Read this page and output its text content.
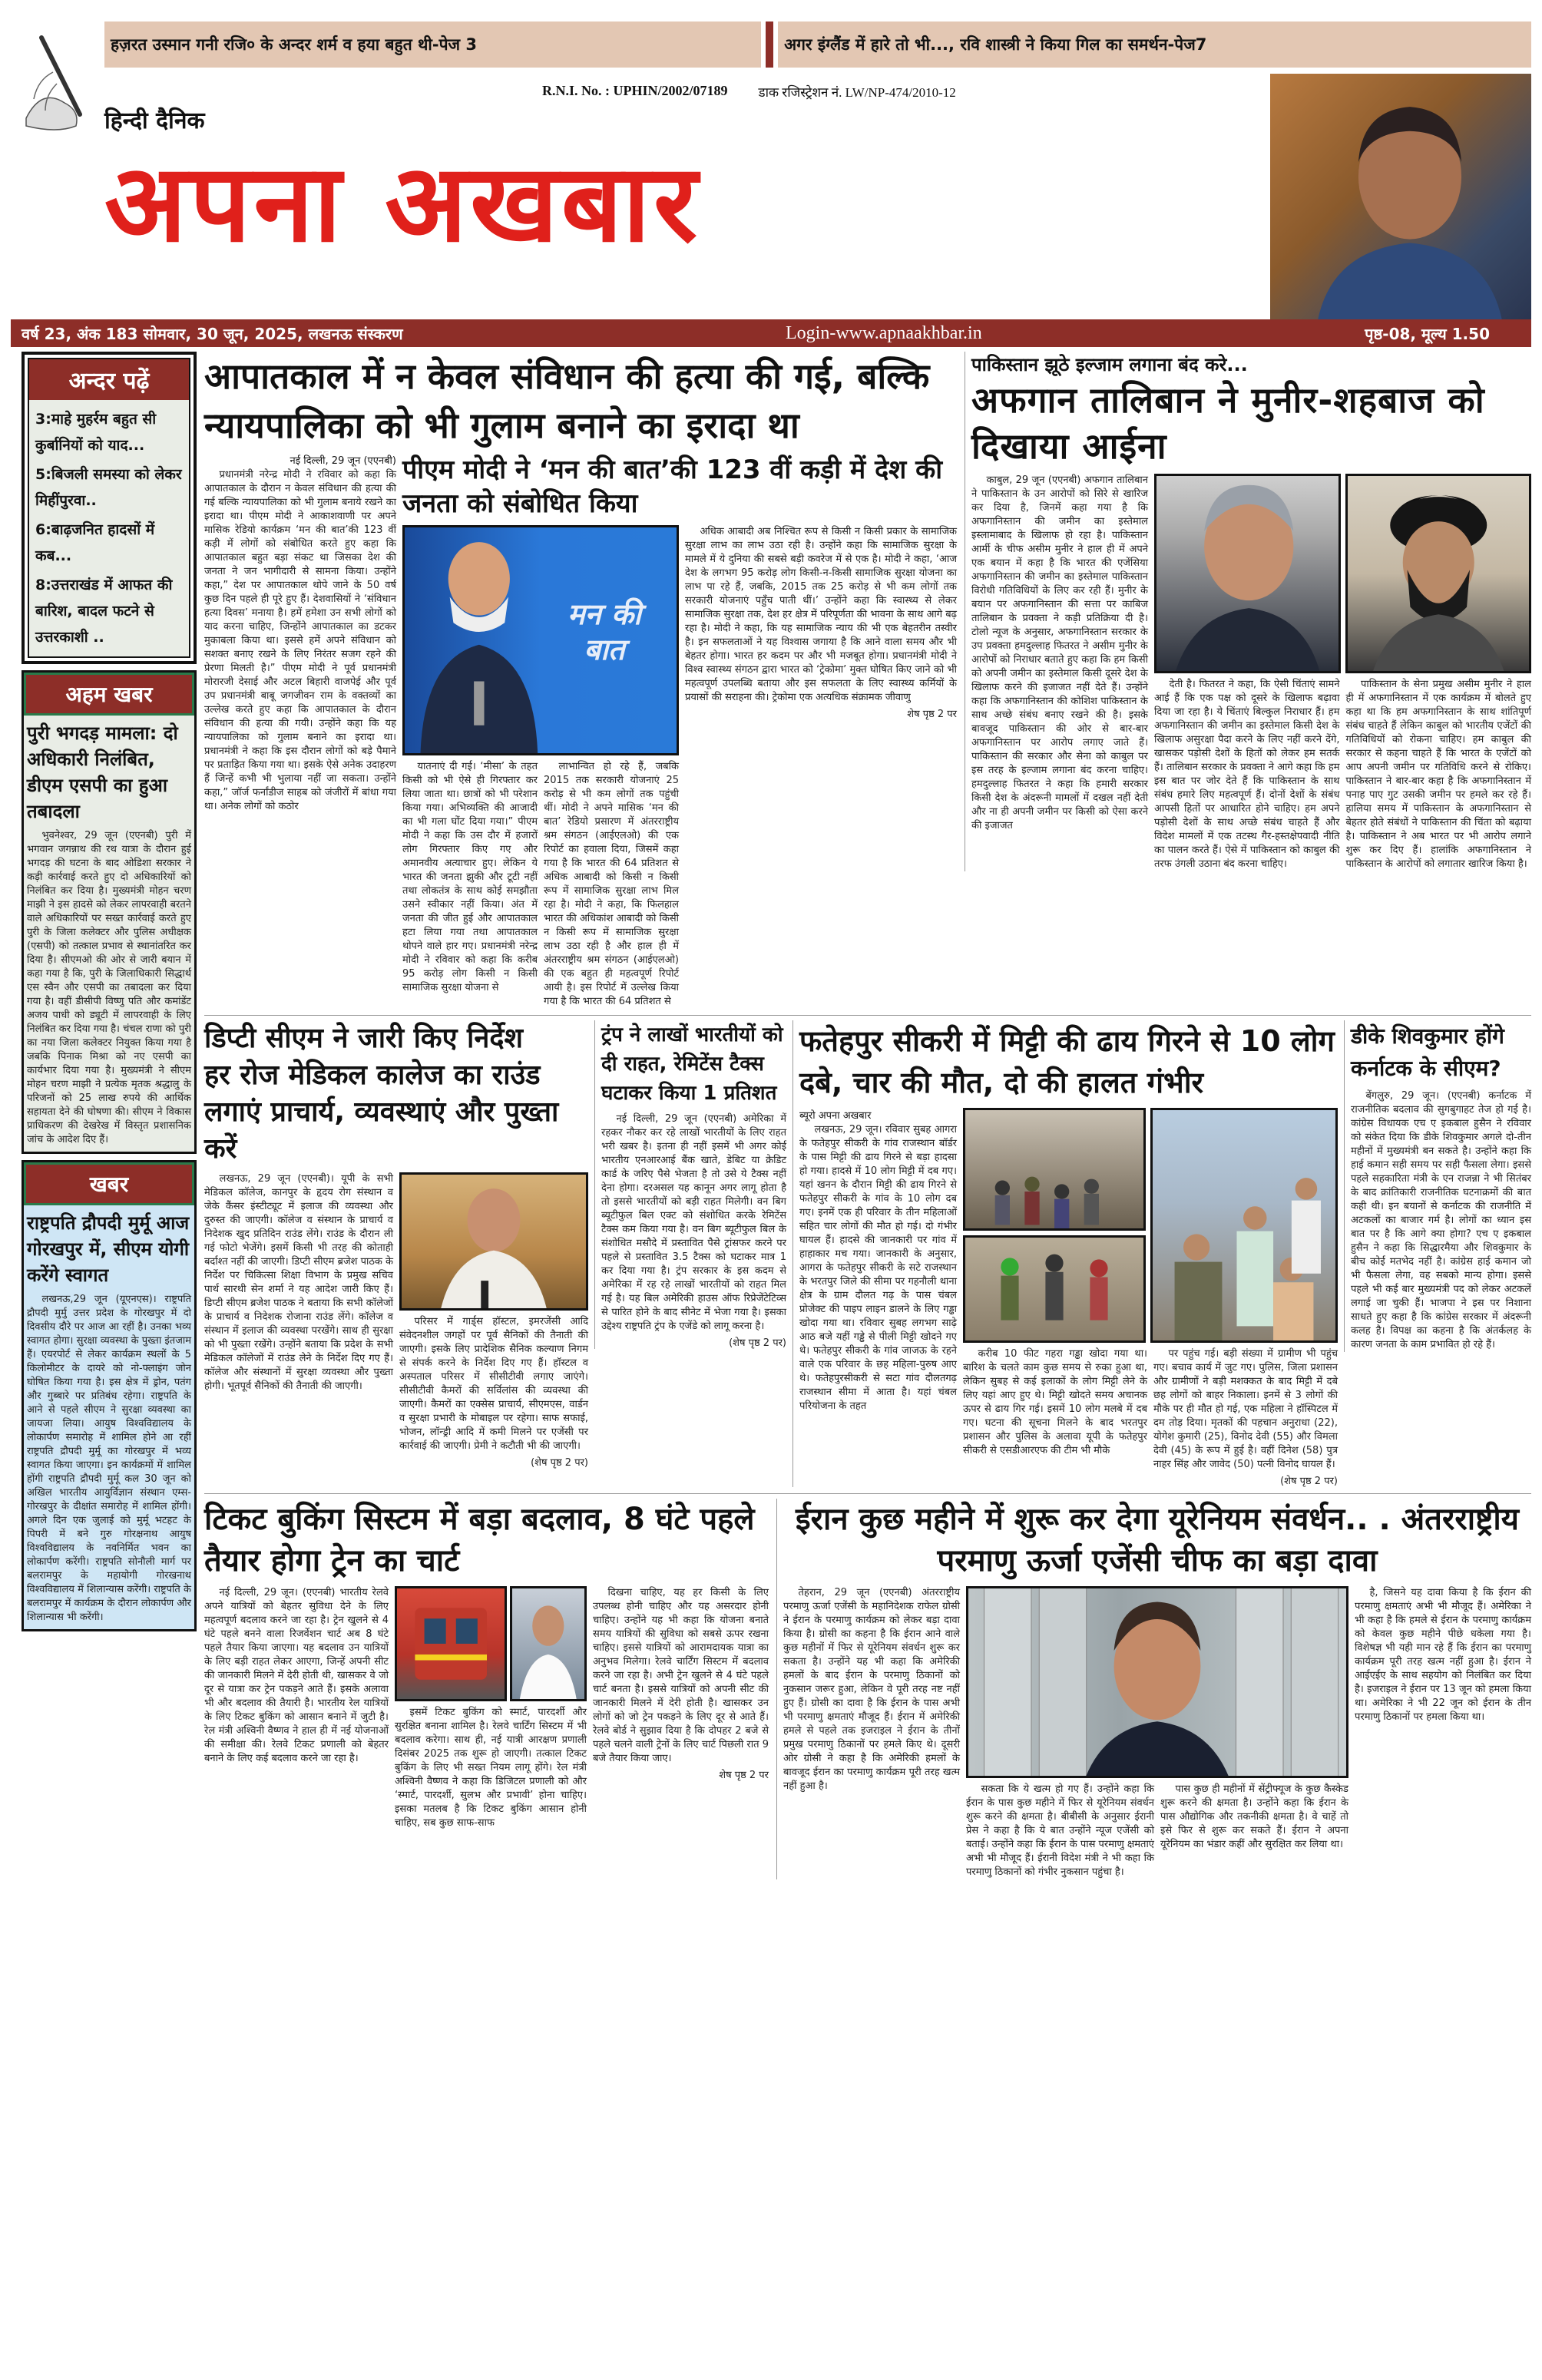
हज़रत उस्मान गनी रजि० के अन्दर शर्म व हया बहुत थी- पेज 3	अगर इंग्लैंड में हारे तो भी..., रवि शास्त्री ने किया गिल का समर्थन- पेज7
R.N.I. No. : UPHIN/2002/07189 डाक रजिस्ट्रेशन नं. LW/NP-474/2010-12
हिन्दी दैनिक
अपना अखबार
वर्ष 23, अंक 183 सोमवार, 30 जून, 2025, लखनऊ संस्करण	Login-www.apnaakhbar.in	पृष्ठ-08, मूल्य 1.50
अन्दर पढ़ें
3:माहे मुहर्रम बहुत सी कुर्बानियों को याद...
5:बिजली समस्या को लेकर मिहींपुरवा..
6:बाढ़जनित हादसों में कब...
8:उत्तराखंड में आफत की बारिश, बादल फटने से उत्तरकाशी ..
अहम खबर
पुरी भगदड़ मामला: दो अधिकारी निलंबित, डीएम एसपी का हुआ तबादला

भुवनेश्वर, 29 जून (एएनबी) पुरी में भगवान जगन्नाथ की रथ यात्रा के दौरान हुई भगदड़ की घटना के बाद ओडिशा सरकार ने कड़ी कार्रवाई करते हुए दो अधिकारियों को निलंबित कर दिया है। मुख्यमंत्री मोहन चरण माझी ने इस हादसे को लेकर लापरवाही बरतने वाले अधिकारियों पर सख्त कार्रवाई करते हुए पुरी के जिला कलेक्टर और पुलिस अधीक्षक (एसपी) को तत्काल प्रभाव से स्थानांतरित कर दिया है। सीएमओ की ओर से जारी बयान में कहा गया है कि, पुरी के जिलाधिकारी सिद्धार्थ एस स्वैन और एसपी का तबादला कर दिया गया है। वहीं डीसीपी विष्णु पति और कमांडेंट अजय पाधी को ड्यूटी में लापरवाही के लिए निलंबित कर दिया गया है। चंचल राणा को पुरी का नया जिला कलेक्टर नियुक्त किया गया है जबकि पिनाक मिश्रा को नए एसपी का कार्यभार दिया गया है। मुख्यमंत्री ने सीएम मोहन चरण माझी ने प्रत्येक मृतक श्रद्धालु के परिजनों को 25 लाख रुपये की आर्थिक सहायता देने की घोषणा की। सीएम ने विकास प्राधिकरण की देखरेख में विस्तृत प्रशासनिक जांच के आदेश दिए हैं।

खबर
राष्ट्रपति द्रौपदी मुर्मू आज गोरखपुर में, सीएम योगी करेंगे स्वागत

लखनऊ,29 जून (यूएनएस)। राष्ट्रपति द्रौपदी मुर्मु उत्तर प्रदेश के गोरखपुर में दो दिवसीय दौरे पर आज आ रहीं है। उनका भव्य स्वागत होगा। सुरक्षा व्यवस्था के पुख्ता इंतजाम हैं। एयरपोर्ट से लेकर कार्यक्रम स्थलों के 5 किलोमीटर के दायरे को नो-फ्लाइंग जोन घोषित किया गया है। इस क्षेत्र में ड्रोन, पतंग और गुब्बारे पर प्रतिबंध रहेगा। राष्ट्रपति के आने से पहले सीएम ने सुरक्षा व्यवस्था का जायजा लिया। आयुष विश्वविद्यालय के लोकार्पण समारोह में शामिल होने आ रहीं राष्ट्रपति द्रौपदी मुर्मू का गोरखपुर में भव्य स्वागत किया जाएगा। इन कार्यक्रमों में शामिल होंगी राष्ट्रपति द्रौपदी मुर्मू कल 30 जून को अखिल भारतीय आयुर्विज्ञान संस्थान एम्स-गोरखपुर के दीक्षांत समारोह में शामिल होंगी। अगले दिन एक जुलाई को मुर्मू भटहट के पिपरी में बने गुरु गोरक्षनाथ आयुष विश्वविद्यालय के नवनिर्मित भवन का लोकार्पण करेंगी। राष्ट्रपति सोनौली मार्ग पर बलरामपुर के महायोगी गोरखनाथ विश्वविद्यालय में शिलान्यास करेंगी। राष्ट्रपति के बलरामपुर में कार्यक्रम के दौरान लोकार्पण और शिलान्यास भी करेंगी।

आपातकाल में न केवल संविधान की हत्या की गई, बल्कि न्यायपालिका को भी गुलाम बनाने का इरादा था
नई दिल्ली, 29 जून (एएनबी)

प्रधानमंत्री नरेन्द्र मोदी ने रविवार को कहा कि आपातकाल के दौरान न केवल संविधान की हत्या की गई बल्कि न्यायपालिका को भी गुलाम बनाये रखने का इरादा था। पीएम मोदी ने आकाशवाणी पर अपने मासिक रेडियो कार्यक्रम ‘मन की बात’की 123 वीं कड़ी में लोगों को संबोधित करते हुए कहा कि आपातकाल बहुत बड़ा संकट था जिसका देश की जनता ने जन भागीदारी से सामना किया। उन्होंने कहा,” देश पर आपातकाल थोपे जाने के 50 वर्ष कुछ दिन पहले ही पूरे हुए हैं। देशवासियों ने ‘संविधान हत्या दिवस’ मनाया है। हमें हमेशा उन सभी लोगों को याद करना चाहिए, जिन्होंने आपातकाल का डटकर मुकाबला किया था। इससे हमें अपने संविधान को सशक्त बनाए रखने के लिए निरंतर सजग रहने की प्रेरणा मिलती है।” पीएम मोदी ने पूर्व प्रधानमंत्री मोरारजी देसाई और अटल बिहारी वाजपेई और पूर्व उप प्रधानमंत्री बाबू जगजीवन राम के वक्तव्यों का उल्लेख करते हुए कहा कि आपातकाल के दौरान संविधान की हत्या की गयी। उन्होंने कहा कि यह न्यायपालिका को गुलाम बनाने का इरादा था। प्रधानमंत्री ने कहा कि इस दौरान लोगों को बड़े पैमाने पर प्रताड़ित किया गया था। इसके ऐसे अनेक उदाहरण हैं जिन्हें कभी भी भुलाया नहीं जा सकता। उन्होंने कहा,” जॉर्ज फर्नांडीज साहब को जंजीरों में बांधा गया था। अनेक लोगों को कठोर

पीएम मोदी ने ‘मन की बात’की 123 वीं कड़ी में देश की जनता को संबोधित किया
मन की बात

यातनाएं दी गई। ‘मीसा’ के तहत किसी को भी ऐसे ही गिरफ्तार कर लिया जाता था। छात्रों को भी परेशान किया गया। अभिव्यक्ति की आजादी का भी गला घोंट दिया गया।” पीएम मोदी ने कहा कि उस दौर में हजारों लोग गिरफ्तार किए गए और अमानवीय अत्याचार हुए। लेकिन ये भारत की जनता झुकी और टूटी नहीं तथा लोकतंत्र के साथ कोई समझौता उसने स्वीकार नहीं किया। अंत में जनता की जीत हुई और आपातकाल हटा लिया गया तथा आपातकाल थोपने वाले हार गए। प्रधानमंत्री नरेन्द्र मोदी ने रविवार को कहा कि करीब 95 करोड़ लोग किसी न किसी सामाजिक सुरक्षा योजना से

लाभान्वित हो रहे हैं, जबकि 2015 तक सरकारी योजनाएं 25 करोड़ से भी कम लोगों तक पहुंची थीं। मोदी ने अपने मासिक ‘मन की बात’ रेडियो प्रसारण में अंतरराष्ट्रीय श्रम संगठन (आईएलओ) की एक रिपोर्ट का हवाला दिया, जिसमें कहा गया है कि भारत की 64 प्रतिशत से अधिक आबादी को किसी न किसी रूप में सामाजिक सुरक्षा लाभ मिल रहा है। मोदी ने कहा, कि फिलहाल भारत की अधिकांश आबादी को किसी न किसी रूप में सामाजिक सुरक्षा लाभ उठा रही है और हाल ही में अंतरराष्ट्रीय श्रम संगठन (आईएलओ) की एक बहुत ही महत्वपूर्ण रिपोर्ट आयी है। इस रिपोर्ट में उल्लेख किया गया है कि भारत की 64 प्रतिशत से

अधिक आबादी अब निश्चित रूप से किसी न किसी प्रकार के सामाजिक सुरक्षा लाभ का लाभ उठा रही है। उन्होंने कहा कि सामाजिक सुरक्षा के मामले में ये दुनिया की सबसे बड़ी कवरेज में से एक है। मोदी ने कहा, ‘आज देश के लगभग 95 करोड़ लोग किसी-न-किसी सामाजिक सुरक्षा योजना का लाभ पा रहे हैं, जबकि, 2015 तक 25 करोड़ से भी कम लोगों तक सरकारी योजनाएं पहुँच पाती थीं।’ उन्होंने कहा कि स्वास्थ्य से लेकर सामाजिक सुरक्षा तक, देश हर क्षेत्र में परिपूर्णता की भावना के साथ आगे बढ़ रहा है। मोदी ने कहा, कि यह सामाजिक न्याय की भी एक बेहतरीन तस्वीर है। इन सफलताओं ने यह विश्वास जगाया है कि आने वाला समय और भी बेहतर होगा। भारत हर कदम पर और भी मजबूत होगा। प्रधानमंत्री मोदी ने विश्व स्वास्थ्य संगठन द्वारा भारत को ‘ट्रेकोमा’ मुक्त घोषित किए जाने को भी महत्वपूर्ण उपलब्धि बताया और इस सफलता के लिए स्वास्थ्य कर्मियों के प्रयासों की सराहना की। ट्रेकोमा एक अत्यधिक संक्रामक जीवाणु

शेष पृष्ठ 2 पर
पाकिस्तान झूठे इल्जाम लगाना बंद करे...
अफगान तालिबान ने मुनीर-शहबाज को दिखाया आईना

काबुल, 29 जून (एएनबी) अफगान तालिबान ने पाकिस्तान के उन आरोपों को सिरे से खारिज कर दिया है, जिनमें कहा गया है कि अफगानिस्तान की जमीन का इस्तेमाल इस्लामाबाद के खिलाफ हो रहा है। पाकिस्तान आर्मी के चीफ असीम मुनीर ने हाल ही में अपने एक बयान में कहा है कि भारत की एजेंसिया अफगानिस्तान की जमीन का इस्तेमाल पाकिस्तान विरोधी गतिविधियों के लिए कर रही हैं। मुनीर के बयान पर अफगानिस्तान की सत्ता पर काबिज तालिबान के प्रवक्ता ने कड़ी प्रतिक्रिया दी है। टोलो न्यूज के अनुसार, अफगानिस्तान सरकार के उप प्रवक्ता हमदुल्लाह फितरत ने असीम मुनीर के आरोपों को निराधार बताते हुए कहा कि हम किसी को अपनी जमीन का इस्तेमाल किसी दूसरे देश के खिलाफ करने की इजाजत नहीं देते हैं। उन्होंने कहा कि अफगानिस्तान की कोशिश पाकिस्तान के साथ अच्छे संबंध बनाए रखने की है। इसके बावजूद पाकिस्तान की ओर से बार-बार अफगानिस्तान पर आरोप लगाए जाते हैं। पाकिस्तान की सरकार और सेना को काबुल पर इस तरह के इल्जाम लगाना बंद करना चाहिए। हमदुल्लाह फितरत ने कहा कि हमारी सरकार किसी देश के अंदरूनी मामलों में दखल नहीं देती और ना ही अपनी जमीन पर किसी को ऐसा करने की इजाजत

देती है। फितरत ने कहा, कि ऐसी चिंताएं सामने आई हैं कि एक पक्ष को दूसरे के खिलाफ बढ़ावा दिया जा रहा है। ये चिंताएं बिल्कुल निराधार हैं। हम अफगानिस्तान की जमीन का इस्तेमाल किसी देश के खिलाफ असुरक्षा पैदा करने के लिए नहीं करने देंगे, खासकर पड़ोसी देशों के हितों को लेकर हम सतर्क हैं। तालिबान सरकार के प्रवक्ता ने आगे कहा कि हम इस बात पर जोर देते हैं कि पाकिस्तान के साथ संबंध हमारे लिए महत्वपूर्ण हैं। दोनों देशों के संबंध आपसी हितों पर आधारित होने चाहिए। हम अपने पड़ोसी देशों के साथ अच्छे संबंध चाहते हैं और विदेश मामलों में एक तटस्थ गैर-हस्तक्षेपवादी नीति का पालन करते हैं। ऐसे में पाकिस्तान को काबुल की तरफ उंगली उठाना बंद करना चाहिए।

पाकिस्तान के सेना प्रमुख असीम मुनीर ने हाल ही में अफगानिस्तान में एक कार्यक्रम में बोलते हुए कहा था कि हम अफगानिस्तान के साथ शांतिपूर्ण संबंध चाहते हैं लेकिन काबुल को भारतीय एजेंटों की गतिविधियों को रोकना चाहिए। हम काबुल की सरकार से कहना चाहते हैं कि भारत के एजेंटों को आप अपनी जमीन पर गतिविधि करने से रोकिए। पाकिस्तान ने बार-बार कहा है कि अफगानिस्तान में पनाह पाए गुट उसकी जमीन पर हमले कर रहे हैं। हालिया समय में पाकिस्तान के अफगानिस्तान से बेहतर होते संबंधों ने पाकिस्तान की चिंता को बढ़ाया है। पाकिस्तान ने अब भारत पर भी आरोप लगाने शुरू कर दिए हैं। हालांकि अफगानिस्तान ने पाकिस्तान के आरोपों को लगातार खारिज किया है।

डिप्टी सीएम ने जारी किए निर्देश
हर रोज मेडिकल कालेज का राउंड लगाएं प्राचार्य, व्यवस्थाएं और पुख्ता करें

लखनऊ, 29 जून (एएनबी)। यूपी के सभी मेडिकल कॉलेज, कानपुर के हृदय रोग संस्थान व जेके कैंसर इंस्टीट्यूट में इलाज की व्यवस्था और दुरुस्त की जाएगी। कॉलेज व संस्थान के प्राचार्य व निदेशक खुद प्रतिदिन राउंड लेंगे। राउंड के दौरान ली गई फोटो भेजेंगे। इसमें किसी भी तरह की कोताही बर्दाश्त नहीं की जाएगी। डिप्टी सीएम ब्रजेश पाठक के निर्देश पर चिकित्सा शिक्षा विभाग के प्रमुख सचिव पार्थ सारथी सेन शर्मा ने यह आदेश जारी किए हैं। डिप्टी सीएम ब्रजेश पाठक ने बताया कि सभी कॉलेजों के प्राचार्य व निदेशक रोजाना राउंड लेंगे। कॉलेज व संस्थान में इलाज की व्यवस्था परखेंगे। साथ ही सुरक्षा को भी पुख्ता रखेंगे। उन्होंने बताया कि प्रदेश के सभी मेडिकल कॉलेजों में राउंड लेने के निर्देश दिए गए हैं। कॉलेज और संस्थानों में सुरक्षा व्यवस्था और पुख्ता होगी। भूतपूर्व सैनिकों की तैनाती की जाएगी।

परिसर में गार्ड्स हॉस्टल, इमरजेंसी आदि संवेदनशील जगहों पर पूर्व सैनिकों की तैनाती की जाएगी। इसके लिए प्रादेशिक सैनिक कल्याण निगम से संपर्क करने के निर्देश दिए गए हैं। हॉस्टल व अस्पताल परिसर में सीसीटीवी लगाए जाएंगे। सीसीटीवी कैमरों की सर्विलांस की व्यवस्था की जाएगी। कैमरों का एक्सेस प्राचार्य, सीएमएस, वार्डन व सुरक्षा प्रभारी के मोबाइल पर रहेगा। साफ सफाई, भोजन, लॉन्ड्री आदि में कमी मिलने पर एजेंसी पर कार्रवाई की जाएगी। प्रेमी ने कटौती भी की जाएगी।

(शेष पृष्ठ 2 पर)
ट्रंप ने लाखों भारतीयों को दी राहत, रेमिटेंस टैक्स घटाकर किया 1 प्रतिशत

नई दिल्ली, 29 जून (एएनबी) अमेरिका में रहकर नौकर कर रहे लाखों भारतीयों के लिए राहत भरी खबर है। इतना ही नहीं इसमें भी अगर कोई भारतीय एनआरआई बैंक खाते, डेबिट या क्रेडिट कार्ड के जरिए पैसे भेजता है तो उसे ये टैक्स नहीं देना होगा। दरअसल यह कानून अगर लागू होता है तो इससे भारतीयों को बड़ी राहत मिलेगी। वन बिग ब्यूटीफुल बिल एक्ट को संशोधित करके रेमिटेंस टैक्स कम किया गया है। वन बिग ब्यूटीफुल बिल के संशोधित मसौदे में प्रस्तावित पैसे ट्रांसफर करने पर पहले से प्रस्तावित 3.5 टैक्स को घटाकर मात्र 1 कर दिया गया है। ट्रंप सरकार के इस कदम से अमेरिका में रह रहे लाखों भारतीयों को राहत मिल गई है। यह बिल अमेरिकी हाउस ऑफ रिप्रेजेंटेटिव्स से पारित होने के बाद सीनेट में भेजा गया है। इसका उद्देश्य राष्ट्रपति ट्रंप के एजेंडे को लागू करना है।

(शेष पृष्ठ 2 पर)
फतेहपुर सीकरी में मिट्टी की ढाय गिरने से 10 लोग दबे, चार की मौत, दो की हालत गंभीर
ब्यूरो अपना अखबार

लखनऊ, 29 जून। रविवार सुबह आगरा के फतेहपुर सीकरी के गांव राजस्थान बॉर्डर के पास मिट्टी की ढाय गिरने से बड़ा हादसा हो गया। हादसे में 10 लोग मिट्टी में दब गए। यहां खनन के दौरान मिट्टी की ढाय गिरने से फतेहपुर सीकरी के गांव के 10 लोग दब गए। इनमें एक ही परिवार के तीन महिलाओं सहित चार लोगों की मौत हो गई। दो गंभीर घायल हैं। हादसे की जानकारी पर गांव में हाहाकार मच गया। जानकारी के अनुसार, आगरा के फतेहपुर सीकरी के सटे राजस्थान के भरतपुर जिले की सीमा पर गहनौली थाना क्षेत्र के ग्राम दौलत गढ़ के पास चंबल प्रोजेक्ट की पाइप लाइन डालने के लिए गड्ढा खोदा गया था। रविवार सुबह लगभग साढ़े आठ बजे यहीं गड्ढे से पीली मिट्टी खोदने गए थे। फतेहपुर सीकरी के गांव जाजऊ के रहने वाले एक परिवार के छह महिला-पुरुष आए थे। फतेहपुरसीकरी से सटा गांव दौलतगढ़ राजस्थान सीमा में आता है। यहां चंबल परियोजना के तहत

करीब 10 फीट गहरा गड्ढा खोदा गया था। बारिश के चलते काम कुछ समय से रुका हुआ था, लेकिन सुबह से कई इलाकों के लोग मिट्टी लेने के लिए यहां आए हुए थे। मिट्टी खोदते समय अचानक ऊपर से ढाय गिर गई। इसमें 10 लोग मलबे में दब गए। घटना की सूचना मिलने के बाद भरतपुर प्रशासन और पुलिस के अलावा यूपी के फतेहपुर सीकरी से एसडीआरएफ की टीम भी मौके

पर पहुंच गई। बड़ी संख्या में ग्रामीण भी पहुंच गए। बचाव कार्य में जुट गए। पुलिस, जिला प्रशासन और ग्रामीणों ने बड़ी मशक्कत के बाद मिट्टी में दबे छह लोगों को बाहर निकाला। इनमें से 3 लोगों की मौके पर ही मौत हो गई, एक महिला ने हॉस्पिटल में दम तोड़ दिया। मृतकों की पहचान अनुराधा (22), योगेश कुमारी (25), विनोद देवी (55) और विमला देवी (45) के रूप में हुई है। वहीं दिनेश (58) पुत्र नाहर सिंह और जावेद (50) पत्नी विनोद घायल हैं।

(शेष पृष्ठ 2 पर)
डीके शिवकुमार होंगे कर्नाटक के सीएम?

बेंगलुरु, 29 जून। (एएनबी) कर्नाटक में राजनीतिक बदलाव की सुगबुगाहट तेज हो गई है। कांग्रेस विधायक एच ए इकबाल हुसैन ने रविवार को संकेत दिया कि डीके शिवकुमार अगले दो-तीन महीनों में मुख्यमंत्री बन सकते है। उन्होंने कहा कि हाई कमान सही समय पर सही फैसला लेगा। इससे पहले सहकारिता मंत्री के एन राजन्ना ने भी सितंबर के बाद क्रांतिकारी राजनीतिक घटनाक्रमों की बात कही थी। इन बयानों से कर्नाटक की राजनीति में अटकलों का बाजार गर्म है। लोगों का ध्यान इस बात पर है कि आगे क्या होगा? एच ए इकबाल हुसैन ने कहा कि सिद्धारमैया और शिवकुमार के बीच कोई मतभेद नहीं है। कांग्रेस हाई कमान जो भी फैसला लेगा, वह सबको मान्य होगा। इससे पहले भी कई बार मुख्यमंत्री पद को लेकर अटकलें लगाई जा चुकी हैं। भाजपा ने इस पर निशाना साधते हुए कहा है कि कांग्रेस सरकार में अंदरूनी कलह है। विपक्ष का कहना है कि अंतर्कलह के कारण जनता के काम प्रभावित हो रहे हैं।

टिकट बुकिंग सिस्टम में बड़ा बदलाव, 8 घंटे पहले तैयार होगा ट्रेन का चार्ट

नई दिल्ली, 29 जून। (एएनबी) भारतीय रेलवे अपने यात्रियों को बेहतर सुविधा देने के लिए महत्वपूर्ण बदलाव करने जा रहा है। ट्रेन खुलने से 4 घंटे पहले बनने वाला रिजर्वेशन चार्ट अब 8 घंटे पहले तैयार किया जाएगा। यह बदलाव उन यात्रियों के लिए बड़ी राहत लेकर आएगा, जिन्हें अपनी सीट की जानकारी मिलने में देरी होती थी, खासकर वे जो दूर से यात्रा कर ट्रेन पकड़ने आते हैं। इसके अलावा भी और बदलाव की तैयारी है। भारतीय रेल यात्रियों के लिए टिकट बुकिंग को आसान बनाने में जुटी है। रेल मंत्री अश्विनी वैष्णव ने हाल ही में नई योजनाओं की समीक्षा की। रेलवे टिकट प्रणाली को बेहतर बनाने के लिए कई बदलाव करने जा रहा है।

इसमें टिकट बुकिंग को स्मार्ट, पारदर्शी और सुरक्षित बनाना शामिल है। रेलवे चार्टिंग सिस्टम में भी बदलाव करेगा। साथ ही, नई यात्री आरक्षण प्रणाली दिसंबर 2025 तक शुरू हो जाएगी। तत्काल टिकट बुकिंग के लिए भी सख्त नियम लागू होंगे। रेल मंत्री अश्विनी वैष्णव ने कहा कि डिजिटल प्रणाली को और ‘स्मार्ट, पारदर्शी, सुलभ और प्रभावी’ होना चाहिए। इसका मतलब है कि टिकट बुकिंग आसान होनी चाहिए, सब कुछ साफ-साफ

दिखना चाहिए, यह हर किसी के लिए उपलब्ध होनी चाहिए और यह असरदार होनी चाहिए। उन्होंने यह भी कहा कि योजना बनाते समय यात्रियों की सुविधा को सबसे ऊपर रखना चाहिए। इससे यात्रियों को आरामदायक यात्रा का अनुभव मिलेगा। रेलवे चार्टिंग सिस्टम में बदलाव करने जा रहा है। अभी ट्रेन खुलने से 4 घंटे पहले चार्ट बनता है। इससे यात्रियों को अपनी सीट की जानकारी मिलने में देरी होती है। खासकर उन लोगों को जो ट्रेन पकड़ने के लिए दूर से आते हैं। रेलवे बोर्ड ने सुझाव दिया है कि दोपहर 2 बजे से पहले चलने वाली ट्रेनों के लिए चार्ट पिछली रात 9 बजे तैयार किया जाए।

शेष पृष्ठ 2 पर
ईरान कुछ महीने में शुरू कर देगा यूरेनियम संवर्धन.. . अंतरराष्ट्रीय परमाणु ऊर्जा एजेंसी चीफ का बड़ा दावा

तेहरान, 29 जून (एएनबी) अंतरराष्ट्रीय परमाणु ऊर्जा एजेंसी के महानिदेशक राफेल ग्रोसी ने ईरान के परमाणु कार्यक्रम को लेकर बड़ा दावा किया है। ग्रोसी का कहना है कि ईरान आने वाले कुछ महीनों में फिर से यूरेनियम संवर्धन शुरू कर सकता है। उन्होंने यह भी कहा कि अमेरिकी हमलों के बाद ईरान के परमाणु ठिकानों को नुकसान जरूर हुआ, लेकिन वे पूरी तरह नष्ट नहीं हुए हैं। ग्रोसी का दावा है कि ईरान के पास अभी भी परमाणु क्षमताएं मौजूद हैं। ईरान में अमेरिकी हमले से पहले तक इजराइल ने ईरान के तीनों प्रमुख परमाणु ठिकानों पर हमले किए थे। दूसरी ओर ग्रोसी ने कहा है कि अमेरिकी हमलों के बावजूद ईरान का परमाणु कार्यक्रम पूरी तरह खत्म नहीं हुआ है।	सकता कि ये खत्म हो गए हैं। उन्होंने कहा कि ईरान के पास कुछ महीने में फिर से यूरेनियम संवर्धन शुरू करने की क्षमता है। बीबीसी के अनुसार ईरानी प्रेस ने कहा है कि ये बात उन्होंने न्यूज एजेंसी को बताई। उन्होंने कहा कि ईरान के पास परमाणु क्षमताएं अभी भी मौजूद हैं। ईरानी विदेश मंत्री ने भी कहा कि परमाणु ठिकानों को गंभीर नुकसान पहुंचा है।

पास कुछ ही महीनों में सेंट्रीफ्यूज के कुछ कैस्केड शुरू करने की क्षमता है। उन्होंने कहा कि ईरान के पास औद्योगिक और तकनीकी क्षमता है। वे चाहें तो इसे फिर से शुरू कर सकते हैं। ईरान ने अपना यूरेनियम का भंडार कहीं और सुरक्षित कर लिया था।

है, जिसने यह दावा किया है कि ईरान की परमाणु क्षमताएं अभी भी मौजूद हैं। अमेरिका ने भी कहा है कि हमले से ईरान के परमाणु कार्यक्रम को केवल कुछ महीने पीछे धकेला गया है। विशेषज्ञ भी यही मान रहे हैं कि ईरान का परमाणु कार्यक्रम पूरी तरह खत्म नहीं हुआ है। ईरान ने आईएईए के साथ सहयोग को निलंबित कर दिया है। इजराइल ने ईरान पर 13 जून को हमला किया था। अमेरिका ने भी 22 जून को ईरान के तीन परमाणु ठिकानों पर हमला किया था।
